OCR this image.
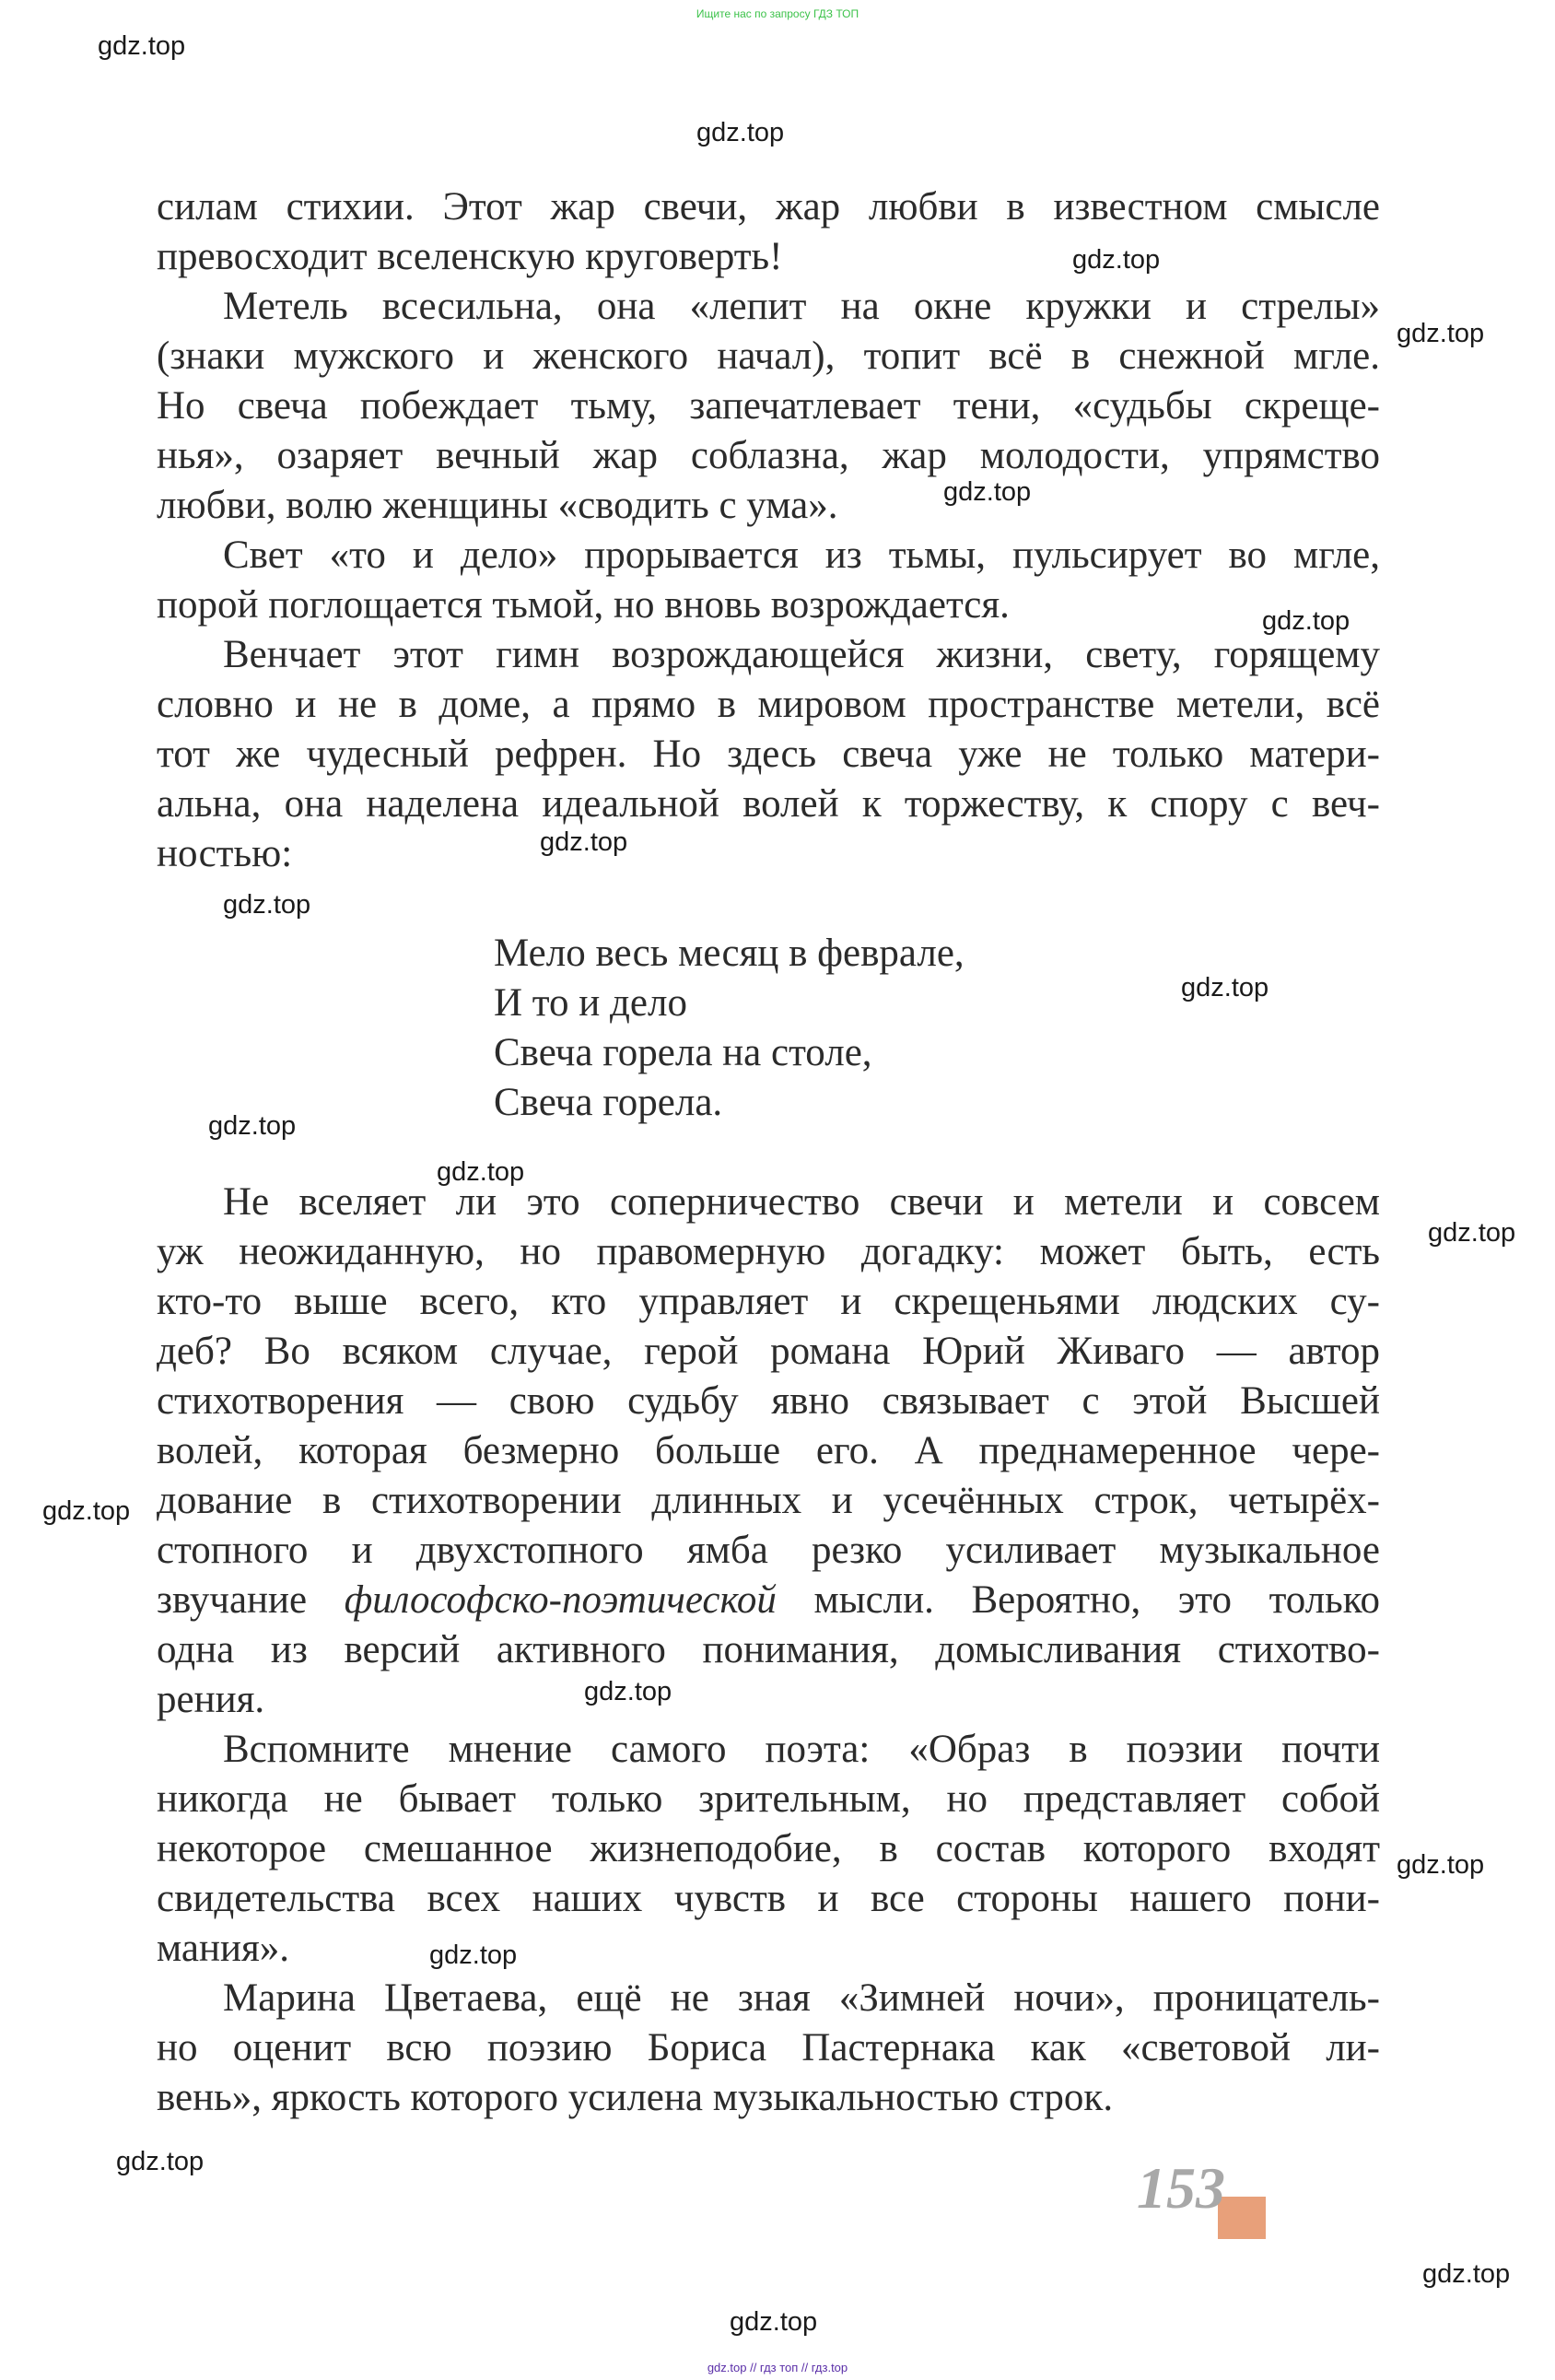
Ищите нас по запросу ГДЗ ТОП
gdz.top
gdz.top
gdz.top
gdz.top
gdz.top
gdz.top
gdz.top
gdz.top
gdz.top
gdz.top
gdz.top
gdz.top
gdz.top
gdz.top
gdz.top
gdz.top
gdz.top
gdz.top
gdz.top
силам стихии. Этот жар свечи, жар любви в известном смысле
превосходит вселенскую круговерть!
Метель всесильна, она «лепит на окне кружки и стрелы»
(знаки мужского и женского начал), топит всё в снежной мгле.
Но свеча побеждает тьму, запечатлевает тени, «судьбы скреще-
нья», озаряет вечный жар соблазна, жар молодости, упрямство
любви, волю женщины «сводить с ума».
Свет «то и дело» прорывается из тьмы, пульсирует во мгле,
порой поглощается тьмой, но вновь возрождается.
Венчает этот гимн возрождающейся жизни, свету, горящему
словно и не в доме, а прямо в мировом пространстве метели, всё
тот же чудесный рефрен. Но здесь свеча уже не только матери-
альна, она наделена идеальной волей к торжеству, к спору с веч-
ностью:
Мело весь месяц в феврале,
И то и дело
Свеча горела на столе,
Свеча горела.
Не вселяет ли это соперничество свечи и метели и совсем
уж неожиданную, но правомерную догадку: может быть, есть
кто-то выше всего, кто управляет и скрещеньями людских су-
деб? Во всяком случае, герой романа Юрий Живаго — автор
стихотворения — свою судьбу явно связывает с этой Высшей
волей, которая безмерно больше его. А преднамеренное чере-
дование в стихотворении длинных и усечённых строк, четырёх-
стопного и двухстопного ямба резко усиливает музыкальное
звучание философско-поэтической мысли. Вероятно, это только
одна из версий активного понимания, домысливания стихотво-
рения.
Вспомните мнение самого поэта: «Образ в поэзии почти
никогда не бывает только зрительным, но представляет собой
некоторое смешанное жизнеподобие, в состав которого входят
свидетельства всех наших чувств и все стороны нашего пони-
мания».
Марина Цветаева, ещё не зная «Зимней ночи», проницатель-
но оценит всю поэзию Бориса Пастернака как «световой ли-
вень», яркость которого усилена музыкальностью строк.
153
gdz.top // гдз топ // гдз.top
